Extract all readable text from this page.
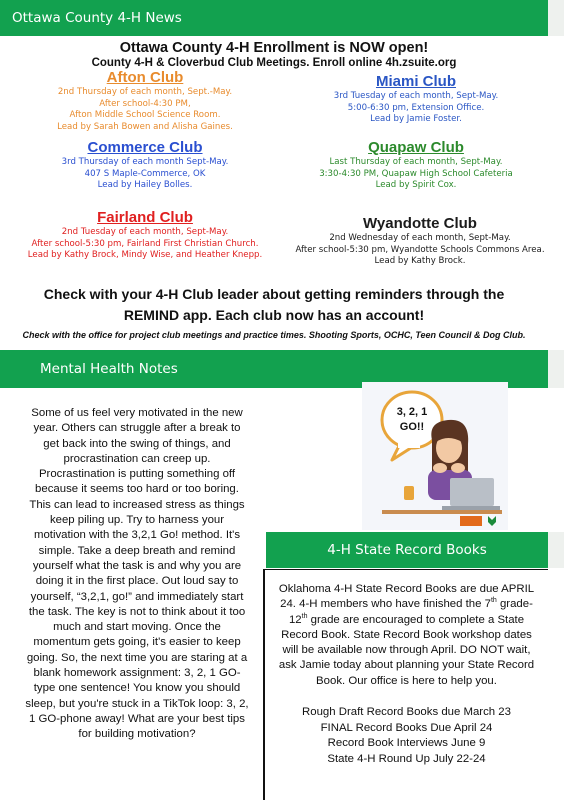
Ottawa County 4-H News
Ottawa County 4-H Enrollment is NOW open!
County 4-H & Cloverbud Club Meetings. Enroll online 4h.zsuite.org
Afton Club

2nd Thursday of each month, Sept.-May.

After school-4:30 PM,

Afton Middle School Science Room.

Lead by Sarah Bowen and Alisha Gaines.

Miami Club

3rd Tuesday of each month, Sept-May.

5:00-6:30 pm, Extension Office.

Lead by Jamie Foster.

Commerce Club

3rd Thursday of each month Sept-May.

407 S Maple-Commerce, OK

Lead by Hailey Bolles.

Quapaw Club

Last Thursday of each month, Sept-May.

3:30-4:30 PM, Quapaw High School Cafeteria

Lead by Spirit Cox.

Fairland Club

2nd Tuesday of each month, Sept-May.

After school-5:30 pm, Fairland First Christian Church.

Lead by Kathy Brock, Mindy Wise, and Heather Knepp.

Wyandotte Club

2nd Wednesday of each month, Sept-May.

After school-5:30 pm, Wyandotte Schools Commons Area.

Lead by Kathy Brock.

Check with your 4-H Club leader about getting reminders through the
REMIND app. Each club now has an account!
Check with the office for project club meetings and practice times. Shooting Sports, OCHC, Teen Council & Dog Club.
Mental Health Notes
Some of us feel very motivated in the new year. Others can struggle after a break to get back into the swing of things, and procrastination can creep up. Procrastination is putting something off because it seems too hard or too boring. This can lead to increased stress as things keep piling up. Try to harness your motivation with the 3,2,1 Go! method. It's simple. Take a deep breath and remind yourself what the task is and why you are doing it in the first place. Out loud say to yourself, “3,2,1, go!” and immediately start the task. The key is not to think about it too much and start moving. Once the momentum gets going, it's easier to keep going. So, the next time you are staring at a blank homework assignment: 3, 2, 1 GO- type one sentence! You know you should sleep, but you're stuck in a TikTok loop: 3, 2, 1 GO-phone away! What are your best tips for building motivation?
3, 2, 1
GO!!
4-H State Record Books
Oklahoma 4-H State Record Books are due APRIL 24. 4-H members who have finished the 7th grade-12th grade are encouraged to complete a State Record Book. State Record Book workshop dates will be available now through April. DO NOT wait, ask Jamie today about planning your State Record Book. Our office is here to help you.
Rough Draft Record Books due March 23
FINAL Record Books Due April 24
Record Book Interviews June 9
State 4-H Round Up July 22-24
